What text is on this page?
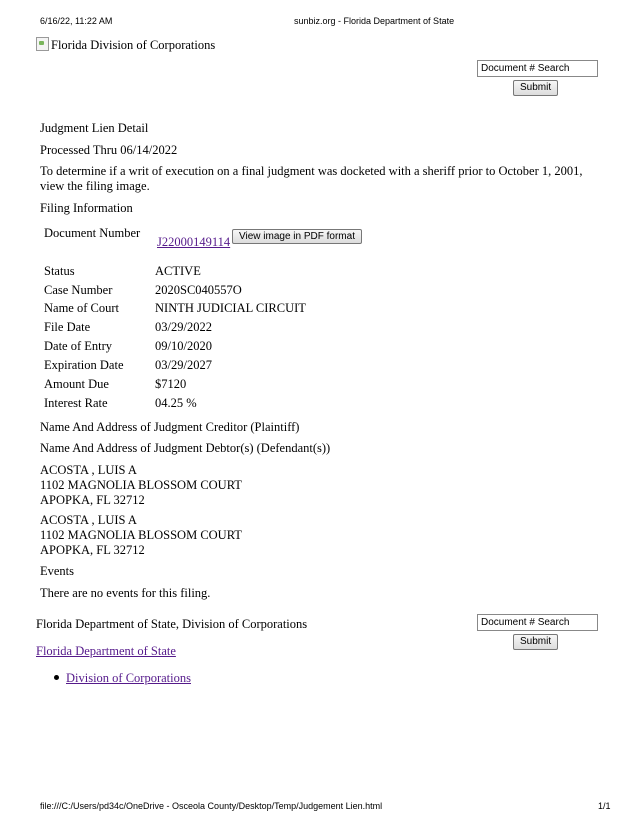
6/16/22, 11:22 AM	sunbiz.org - Florida Department of State
Florida Division of Corporations
Document # Search
Submit
Judgment Lien Detail
Processed Thru 06/14/2022
To determine if a writ of execution on a final judgment was docketed with a sheriff prior to October 1, 2001,
view the filing image.
Filing Information
Document Number
J22000149114 View image in PDF format
Status	ACTIVE
Case Number	2020SC040557O
Name of Court	NINTH JUDICIAL CIRCUIT
File Date	03/29/2022
Date of Entry	09/10/2020
Expiration Date	03/29/2027
Amount Due	$7120
Interest Rate	04.25 %
Name And Address of Judgment Creditor (Plaintiff)
Name And Address of Judgment Debtor(s) (Defendant(s))
ACOSTA , LUIS A
1102 MAGNOLIA BLOSSOM COURT
APOPKA, FL 32712
ACOSTA , LUIS A
1102 MAGNOLIA BLOSSOM COURT
APOPKA, FL 32712
Events
There are no events for this filing.
Florida Department of State, Division of Corporations	Document # Search
Submit
Florida Department of State
Division of Corporations
file:///C:/Users/pd34c/OneDrive - Osceola County/Desktop/Temp/Judgement Lien.html	1/1
